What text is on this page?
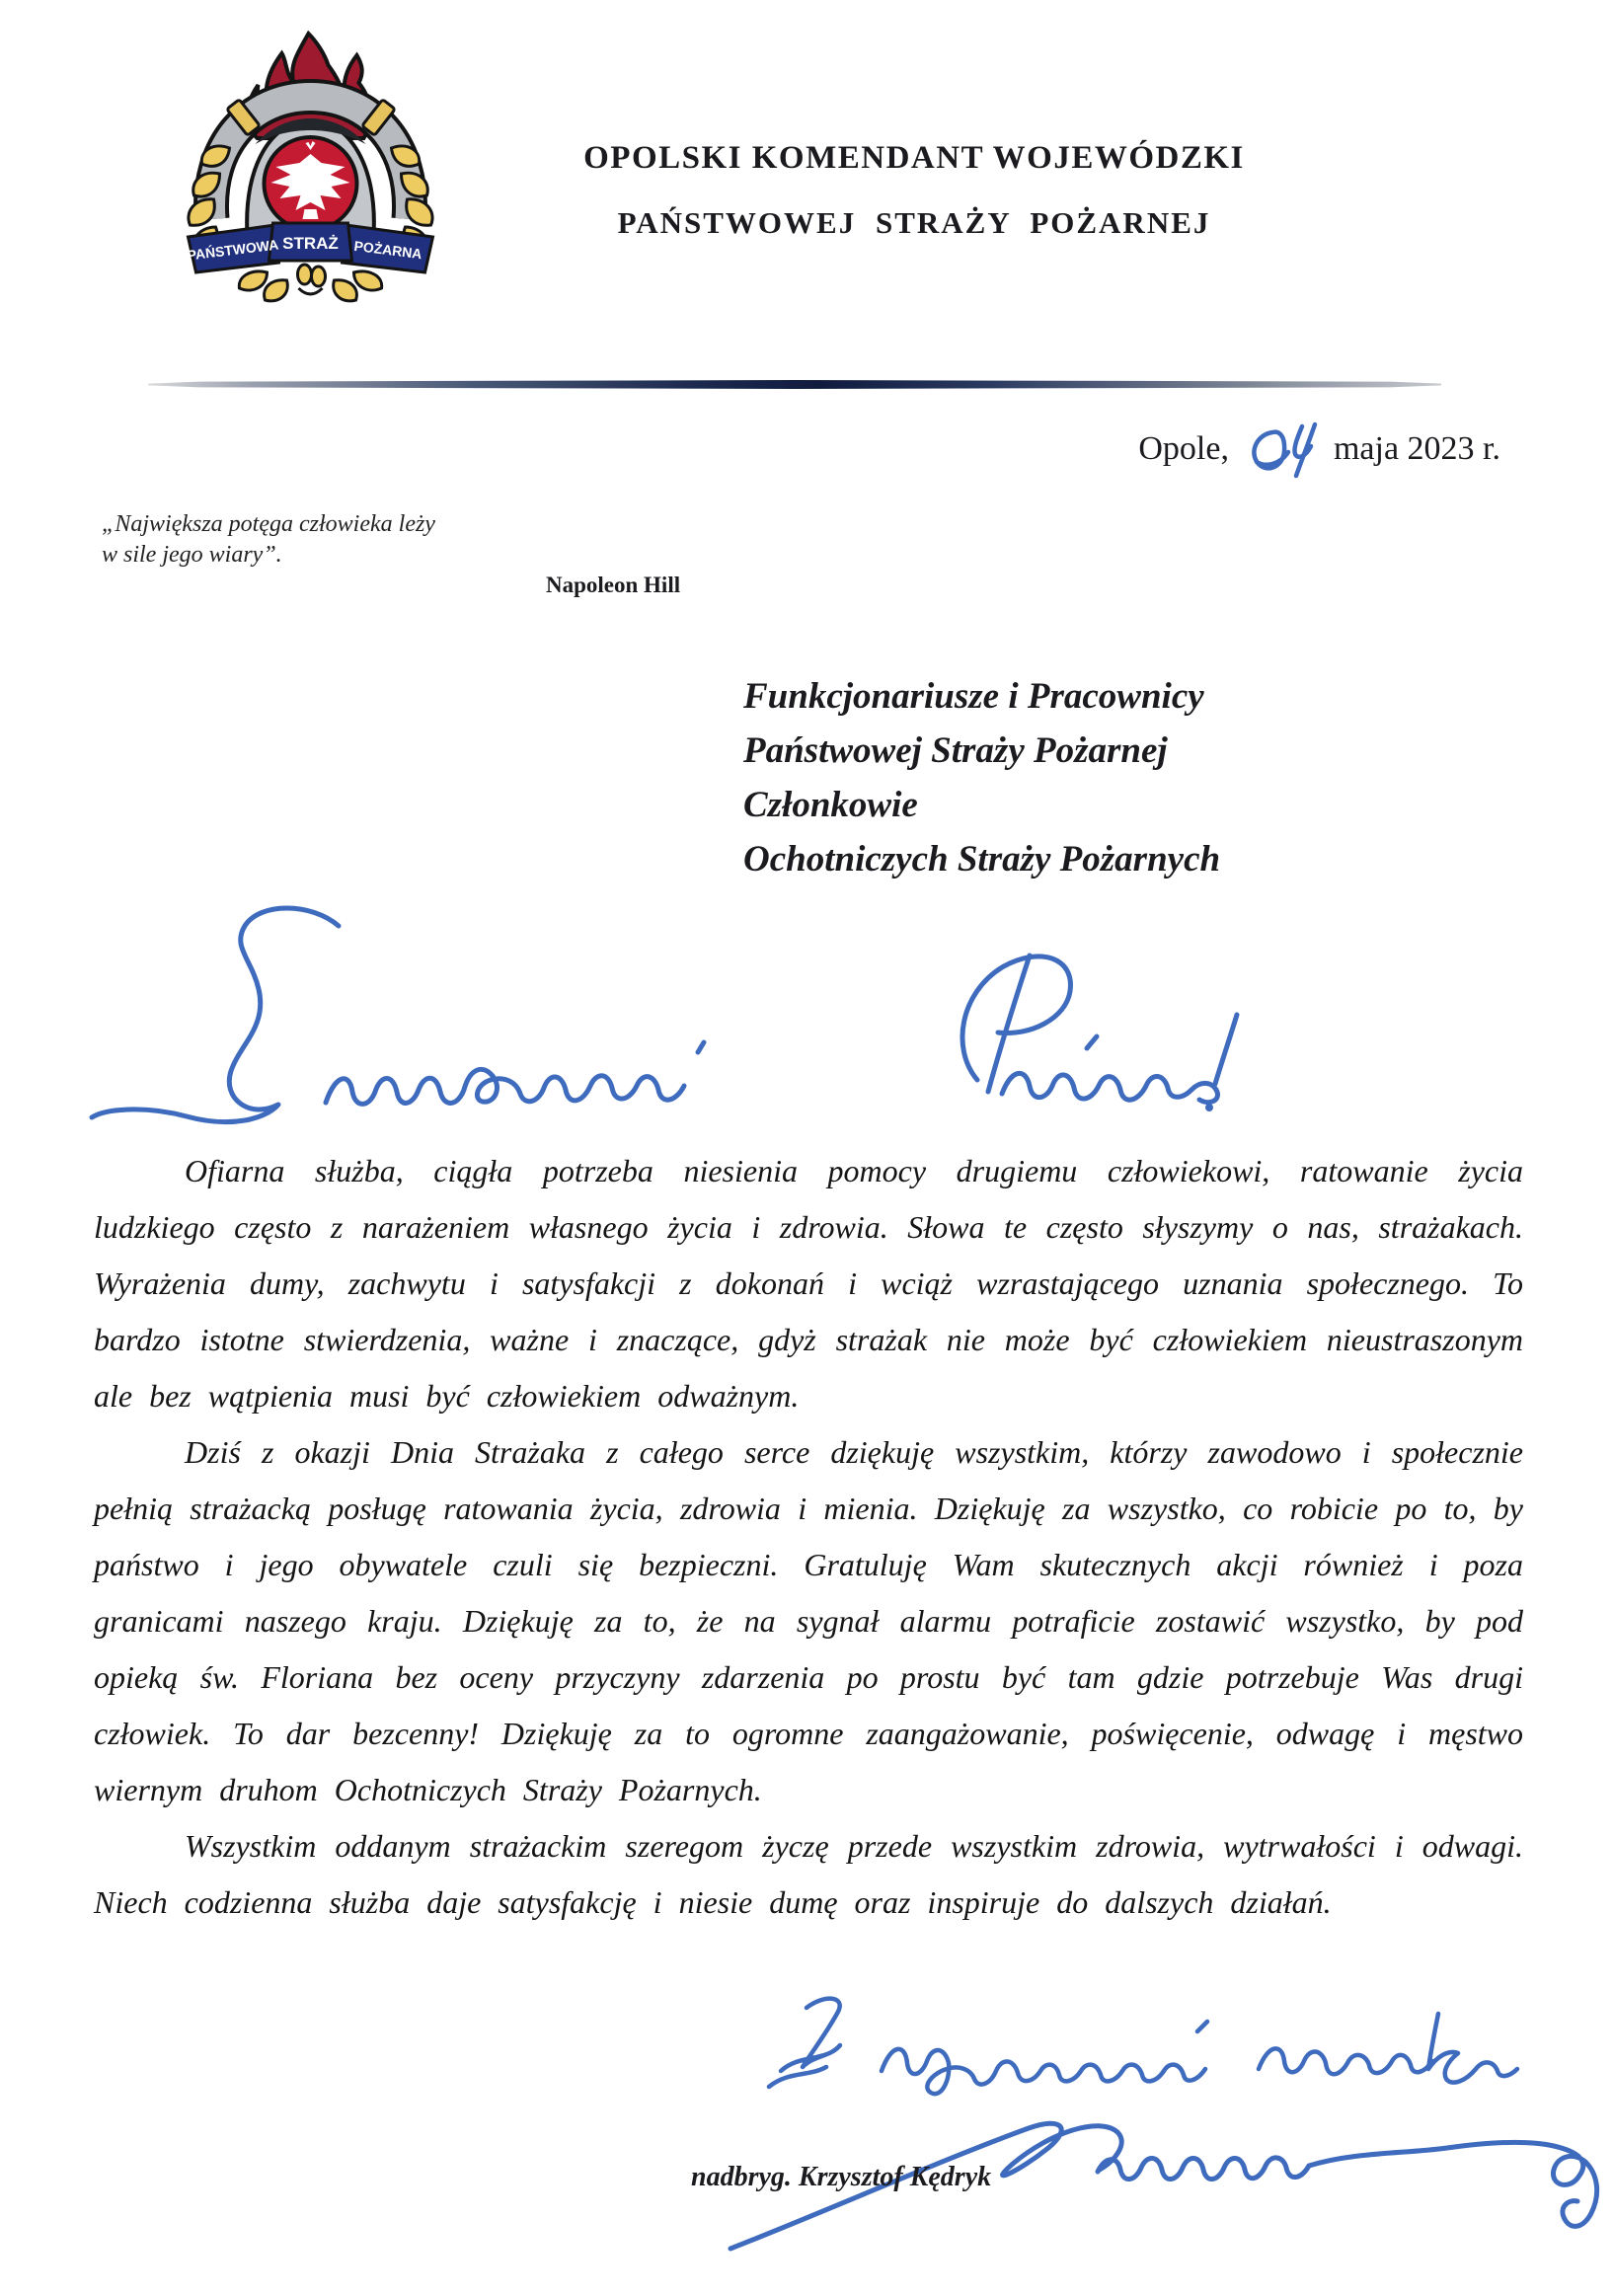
PAŃSTWOWA STRAŻ POŻARNA
OPOLSKI KOMENDANT WOJEWÓDZKI
PAŃSTWOWEJ STRAŻY POŻARNEJ
Opole,	maja 2023 r.
„Największa potęga człowieka leży
w sile jego wiary”.
Napoleon Hill
Funkcjonariusze i Pracownicy
Państwowej Straży Pożarnej
Członkowie
Ochotniczych Straży Pożarnych

Ofiarna służba, ciągła potrzeba niesienia pomocy drugiemu człowiekowi, ratowanie życia ludzkiego często z narażeniem własnego życia i zdrowia. Słowa te często słyszymy o nas, strażakach. Wyrażenia dumy, zachwytu i satysfakcji z dokonań i wciąż wzrastającego uznania społecznego. To bardzo istotne stwierdzenia, ważne i znaczące, gdyż strażak nie może być człowiekiem nieustraszonym ale bez wątpienia musi być człowiekiem odważnym.

Dziś z okazji Dnia Strażaka z całego serce dziękuję wszystkim, którzy zawodowo i społecznie pełnią strażacką posługę ratowania życia, zdrowia i mienia. Dziękuję za wszystko, co robicie po to, by państwo i jego obywatele czuli się bezpieczni. Gratuluję Wam skutecznych akcji również i poza granicami naszego kraju. Dziękuję za to, że na sygnał alarmu potraficie zostawić wszystko, by pod opieką św. Floriana bez oceny przyczyny zdarzenia po prostu być tam gdzie potrzebuje Was drugi człowiek. To dar bezcenny! Dziękuję za to ogromne zaangażowanie, poświęcenie, odwagę i męstwo wiernym druhom Ochotniczych Straży Pożarnych.

Wszystkim oddanym strażackim szeregom życzę przede wszystkim zdrowia, wytrwałości i odwagi. Niech codzienna służba daje satysfakcję i niesie dumę oraz inspiruje do dalszych działań.

nadbryg. Krzysztof Kędryk
